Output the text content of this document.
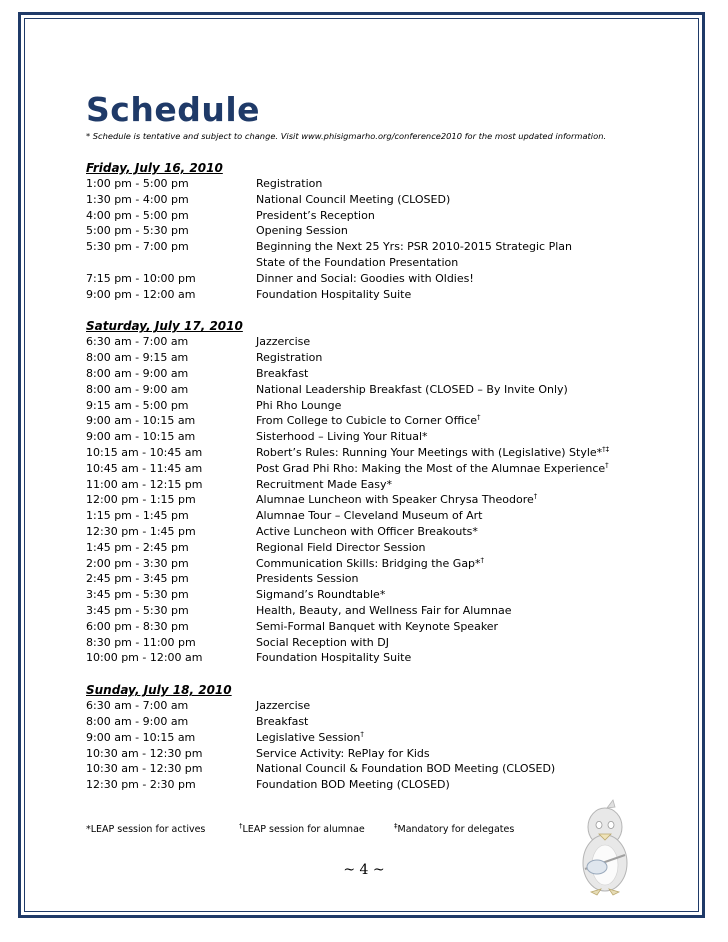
Schedule

* Schedule is tentative and subject to change. Visit www.phisigmarho.org/conference2010 for the most updated information.

Friday, July 16, 2010
1:00 pm - 5:00 pm	Registration
1:30 pm - 4:00 pm	National Council Meeting (CLOSED)
4:00 pm - 5:00 pm	President’s Reception
5:00 pm - 5:30 pm	Opening Session
5:30 pm - 7:00 pm	Beginning the Next 25 Yrs: PSR 2010-2015 Strategic Plan
State of the Foundation Presentation
7:15 pm - 10:00 pm	Dinner and Social: Goodies with Oldies!
9:00 pm - 12:00 am	Foundation Hospitality Suite
Saturday, July 17, 2010
6:30 am - 7:00 am	Jazzercise
8:00 am - 9:15 am	Registration
8:00 am - 9:00 am	Breakfast
8:00 am - 9:00 am	National Leadership Breakfast (CLOSED – By Invite Only)
9:15 am - 5:00 pm	Phi Rho Lounge
9:00 am - 10:15 am	From College to Cubicle to Corner Office†
9:00 am - 10:15 am	Sisterhood – Living Your Ritual*
10:15 am - 10:45 am	Robert’s Rules: Running Your Meetings with (Legislative) Style*†‡
10:45 am - 11:45 am	Post Grad Phi Rho: Making the Most of the Alumnae Experience†
11:00 am - 12:15 pm	Recruitment Made Easy*
12:00 pm - 1:15 pm	Alumnae Luncheon with Speaker Chrysa Theodore†
1:15 pm - 1:45 pm	Alumnae Tour – Cleveland Museum of Art
12:30 pm - 1:45 pm	Active Luncheon with Officer Breakouts*
1:45 pm - 2:45 pm	Regional Field Director Session
2:00 pm - 3:30 pm	Communication Skills: Bridging the Gap*†
2:45 pm - 3:45 pm	Presidents Session
3:45 pm - 5:30 pm	Sigmand’s Roundtable*
3:45 pm - 5:30 pm	Health, Beauty, and Wellness Fair for Alumnae
6:00 pm - 8:30 pm	Semi-Formal Banquet with Keynote Speaker
8:30 pm - 11:00 pm	Social Reception with DJ
10:00 pm - 12:00 am	Foundation Hospitality Suite
Sunday, July 18, 2010
6:30 am - 7:00 am	Jazzercise
8:00 am - 9:00 am	Breakfast
9:00 am - 10:15 am	Legislative Session†
10:30 am - 12:30 pm	Service Activity: RePlay for Kids
10:30 am - 12:30 pm	National Council & Foundation BOD Meeting (CLOSED)
12:30 pm - 2:30 pm	Foundation BOD Meeting (CLOSED)
*LEAP session for actives	†LEAP session for alumnae	‡Mandatory for delegates
~ 4 ~
